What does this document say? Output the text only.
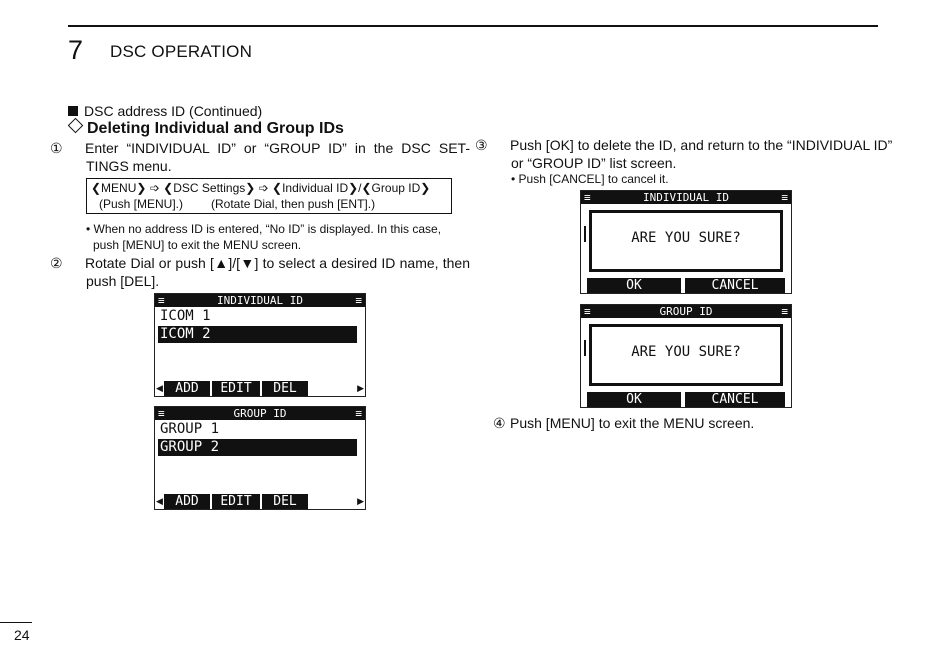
7 DSC OPERATION
DSC address ID (Continued)
Deleting Individual and Group IDs
① Enter “INDIVIDUAL ID” or “GROUP ID” in the DSC SET-TINGS menu.
❮MENU❯ ➩ ❮DSC Settings❯ ➩ ❮Individual ID❯/❮Group ID❯
(Push [MENU].) (Rotate Dial, then push [ENT].)
• When no address ID is entered, “No ID” is displayed. In this case, push [MENU] to exit the MENU screen.
② Rotate Dial or push [▲]/[▼] to select a desired ID name, then push [DEL].
≡	INDIVIDUAL ID	≡
ICOM 1
ICOM 2
◀ ADD	EDIT	DEL	▶
≡	GROUP ID	≡
GROUP 1
GROUP 2
◀ ADD	EDIT	DEL	▶
③ Push [OK] to delete the ID, and return to the “INDIVIDUAL ID” or “GROUP ID” list screen.
• Push [CANCEL] to cancel it.
≡	INDIVIDUAL ID	≡
ARE YOU SURE?
OK	CANCEL
≡	GROUP ID	≡
ARE YOU SURE?
OK	CANCEL
④ Push [MENU] to exit the MENU screen.
24
